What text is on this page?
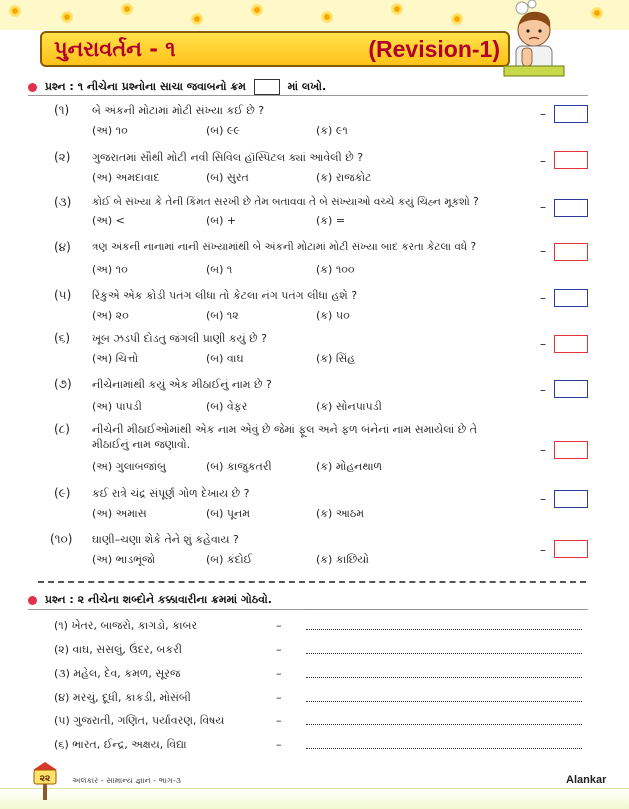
પુનરાવર્તન - ૧	(Revision-1)
પ્રશ્ન : ૧ નીચેના પ્રશ્નોના સાચા જવાબનો ક્રમ	માં લખો.
(૧) બે અંકની મોટામાં મોટી સંખ્યા કઈ છે ?
(અ) ૧૦	(બ) ૯૯	(ક) ૯૧
–
(૨) ગુજરાતમાં સૌથી મોટી નવી સિવિલ હૉસ્પિટલ ક્યાં આવેલી છે ?
(અ) અમદાવાદ	(બ) સુરત	(ક) રાજકોટ
–
(૩) કોઈ બે સંખ્યા કે તેની કિંમત સરખી છે તેમ બતાવવા તે બે સંખ્યાઓ વચ્ચે કયું ચિહ્ન મૂકશો ?
(અ) <	(બ) +	(ક) =
–
(૪) ત્રણ અંકની નાનામાં નાની સંખ્યામાંથી બે અંકની મોટામાં મોટી સંખ્યા બાદ કરતા કેટલા વધે ?
(અ) ૧૦	(બ) ૧	(ક) ૧૦૦
–
(૫) રિંકુએ એક કોડી પતંગ લીધા તો કેટલા નંગ પતંગ લીધા હશે ?
(અ) ૨૦	(બ) ૧૨	(ક) ૫૦
–
(૬) ખૂબ ઝડપી દોડતુ જંગલી પ્રાણી કયું છે ?
(અ) ચિત્તો	(બ) વાઘ	(ક) સિંહ
–
(૭) નીચેનામાંથી કયું એક મીઠાઈનું નામ છે ?
(અ) પાપડી	(બ) વેફર	(ક) સોનપાપડી
–
(૮) નીચેની મીઠાઈઓમાંથી એક નામ એવું છે જેમાં ફૂલ અને ફળ બંનેનાં નામ સમાયેલાં છે તે મીઠાઈનું નામ જણાવો.
(અ) ગુલાબજાંબુ	(બ) કાજુકતરી	(ક) મોહનથાળ
–
(૯) કઈ રાત્રે ચંદ્ર સંપૂર્ણ ગોળ દેખાય છે ?
(અ) અમાસ	(બ) પૂનમ	(ક) આઠમ
–
(૧૦) ઘાણી–ચણા શેકે તેને શું કહેવાય ?
(અ) ભાડભૂંજો	(બ) કંદોઈ	(ક) કાછિયો
–
પ્રશ્ન : ૨ નીચેના શબ્દોને કક્કાવારીના ક્રમમાં ગોઠવો.
(૧) ખેતર, બાજરો, કાગડો, કાબર	–
(૨) વાઘ, સસલું, ઉંદર, બકરી	–
(૩) મહેલ, દેવ, કમળ, સૂરજ	–
(૪) મરચું, દૂધી, કાકડી, મોસંબી	–
(૫) ગુજરાતી, ગણિત, પર્યાવરણ, વિષય	–
(૬) ભારત, ઈન્દ્ર, અક્ષય, વિદ્યા	–
૨૨	અલંકાર - સામાન્ય જ્ઞાન - ભાગ-૩	Alankar
